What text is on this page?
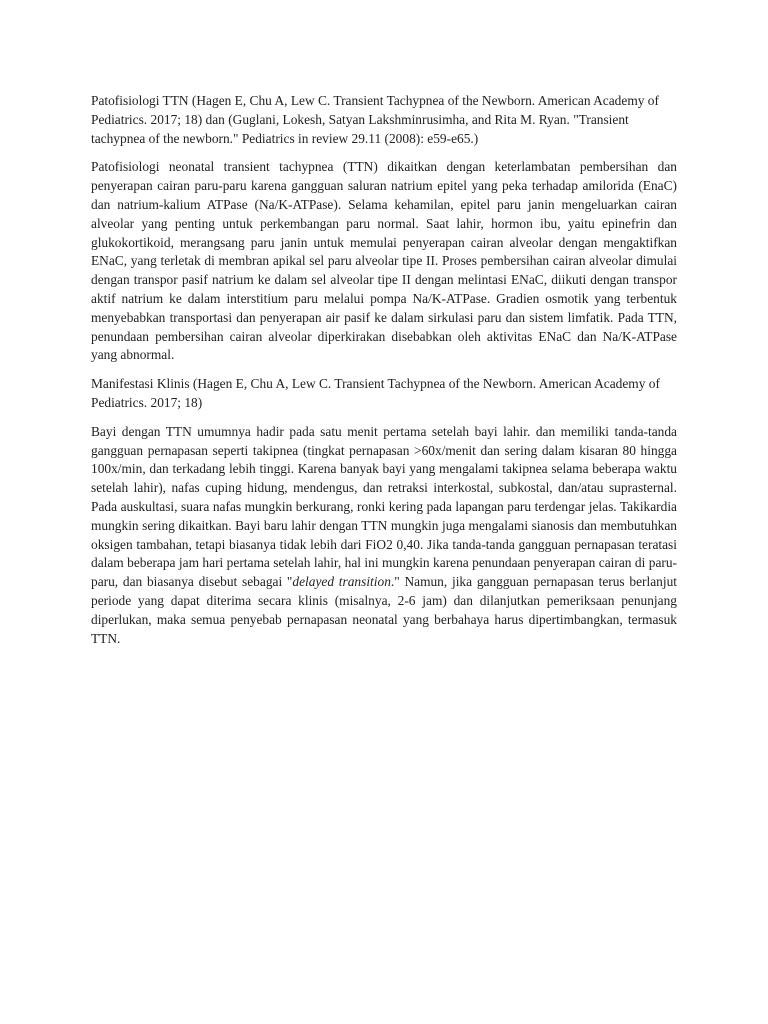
Patofisiologi TTN (Hagen E, Chu A, Lew C. Transient Tachypnea of the Newborn. American Academy of Pediatrics. 2017; 18) dan (Guglani, Lokesh, Satyan Lakshminrusimha, and Rita M. Ryan. "Transient tachypnea of the newborn." Pediatrics in review 29.11 (2008): e59-e65.)

Patofisiologi neonatal transient tachypnea (TTN) dikaitkan dengan keterlambatan pembersihan dan penyerapan cairan paru-paru karena gangguan saluran natrium epitel yang peka terhadap amilorida (EnaC) dan natrium-kalium ATPase (Na/K-ATPase). Selama kehamilan, epitel paru janin mengeluarkan cairan alveolar yang penting untuk perkembangan paru normal. Saat lahir, hormon ibu, yaitu epinefrin dan glukokortikoid, merangsang paru janin untuk memulai penyerapan cairan alveolar dengan mengaktifkan ENaC, yang terletak di membran apikal sel paru alveolar tipe II. Proses pembersihan cairan alveolar dimulai dengan transpor pasif natrium ke dalam sel alveolar tipe II dengan melintasi ENaC, diikuti dengan transpor aktif natrium ke dalam interstitium paru melalui pompa Na/K-ATPase. Gradien osmotik yang terbentuk menyebabkan transportasi dan penyerapan air pasif ke dalam sirkulasi paru dan sistem limfatik. Pada TTN, penundaan pembersihan cairan alveolar diperkirakan disebabkan oleh aktivitas ENaC dan Na/K-ATPase yang abnormal.

Manifestasi Klinis (Hagen E, Chu A, Lew C. Transient Tachypnea of the Newborn. American Academy of Pediatrics. 2017; 18)

Bayi dengan TTN umumnya hadir pada satu menit pertama setelah bayi lahir. dan memiliki tanda-tanda gangguan pernapasan seperti takipnea (tingkat pernapasan >60x/menit dan sering dalam kisaran 80 hingga 100x/min, dan terkadang lebih tinggi. Karena banyak bayi yang mengalami takipnea selama beberapa waktu setelah lahir), nafas cuping hidung, mendengus, dan retraksi interkostal, subkostal, dan/atau suprasternal. Pada auskultasi, suara nafas mungkin berkurang, ronki kering pada lapangan paru terdengar jelas. Takikardia mungkin sering dikaitkan. Bayi baru lahir dengan TTN mungkin juga mengalami sianosis dan membutuhkan oksigen tambahan, tetapi biasanya tidak lebih dari FiO2 0,40. Jika tanda-tanda gangguan pernapasan teratasi dalam beberapa jam hari pertama setelah lahir, hal ini mungkin karena penundaan penyerapan cairan di paru-paru, dan biasanya disebut sebagai "delayed transition." Namun, jika gangguan pernapasan terus berlanjut periode yang dapat diterima secara klinis (misalnya, 2-6 jam) dan dilanjutkan pemeriksaan penunjang diperlukan, maka semua penyebab pernapasan neonatal yang berbahaya harus dipertimbangkan, termasuk TTN.
